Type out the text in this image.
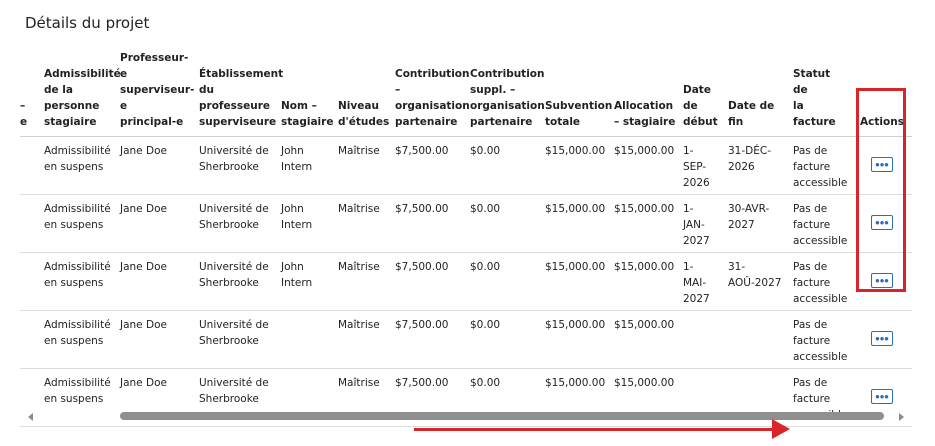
Détails du projet
–
e	Admissibilité
de la
personne
stagiaire	Professeur-e
superviseur-e
principal-e	Établissement
du
professeure
superviseure	Nom –
stagiaire	Niveau
d'études	Contribution
–
organisation
partenaire	Contribution
suppl. –
organisation
partenaire	Subvention
totale	Allocation
– stagiaire	Date
de
début	Date de
fin	Statut de
la facture	Actions
	Admissibilité
en suspens	Jane Doe	Université de
Sherbrooke	John
Intern	Maîtrise	$7,500.00	$0.00	$15,000.00	$15,000.00	1-
SEP-
2026	31-DÉC-
2026	Pas de
facture
accessible	•••
	Admissibilité
en suspens	Jane Doe	Université de
Sherbrooke	John
Intern	Maîtrise	$7,500.00	$0.00	$15,000.00	$15,000.00	1-
JAN-
2027	30-AVR-
2027	Pas de
facture
accessible	•••
	Admissibilité
en suspens	Jane Doe	Université de
Sherbrooke	John
Intern	Maîtrise	$7,500.00	$0.00	$15,000.00	$15,000.00	1-
MAI-
2027	31-
AOÛ-2027	Pas de
facture
accessible	•••
	Admissibilité
en suspens	Jane Doe	Université de
Sherbrooke		Maîtrise	$7,500.00	$0.00	$15,000.00	$15,000.00			Pas de
facture
accessible	•••
	Admissibilité
en suspens	Jane Doe	Université de
Sherbrooke		Maîtrise	$7,500.00	$0.00	$15,000.00	$15,000.00			Pas de
facture	•••
